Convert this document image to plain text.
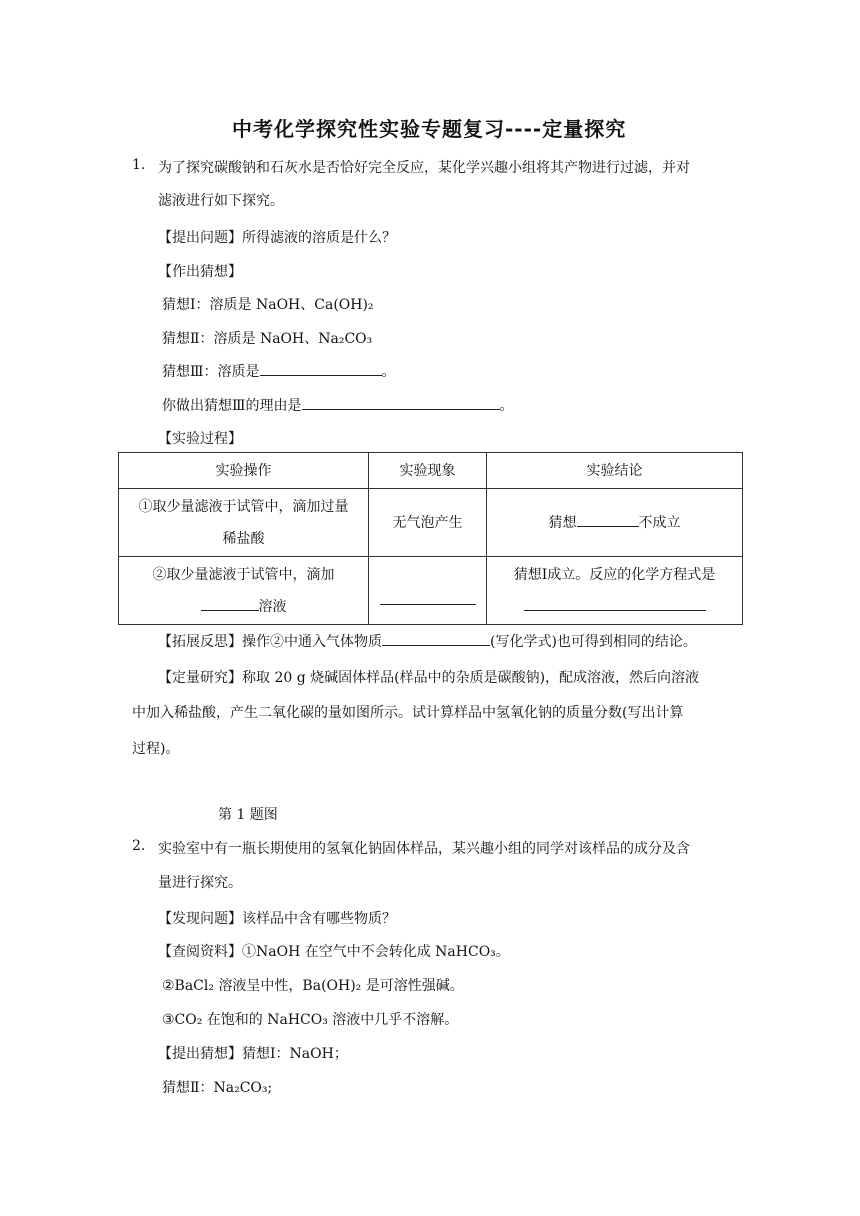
中考化学探究性实验专题复习----定量探究
1. 为了探究碳酸钠和石灰水是否恰好完全反应，某化学兴趣小组将其产物进行过滤，并对
滤液进行如下探究。
【提出问题】所得滤液的溶质是什么？
【作出猜想】
猜想Ⅰ：溶质是 NaOH、Ca(OH)₂
猜想Ⅱ：溶质是 NaOH、Na₂CO₃
猜想Ⅲ：溶质是	。
你做出猜想Ⅲ的理由是	。
【实验过程】
实验操作	实验现象	实验结论

①取少量滤液于试管中，滴加过量
稀盐酸	无气泡产生	猜想 不成立

②取少量滤液于试管中，滴加
溶液		猜想Ⅰ成立。反应的化学方程式是
【拓展反思】操作②中通入气体物质	(写化学式)也可得到相同的结论。
【定量研究】称取 20 g 烧碱固体样品(样品中的杂质是碳酸钠)，配成溶液，然后向溶液
中加入稀盐酸，产生二氧化碳的量如图所示。试计算样品中氢氧化钠的质量分数(写出计算
过程)。
第 1 题图
2. 实验室中有一瓶长期使用的氢氧化钠固体样品，某兴趣小组的同学对该样品的成分及含
量进行探究。
【发现问题】该样品中含有哪些物质？
【查阅资料】①NaOH 在空气中不会转化成 NaHCO₃。
②BaCl₂ 溶液呈中性，Ba(OH)₂ 是可溶性强碱。
③CO₂ 在饱和的 NaHCO₃ 溶液中几乎不溶解。
【提出猜想】猜想Ⅰ：NaOH；
猜想Ⅱ：Na₂CO₃;
